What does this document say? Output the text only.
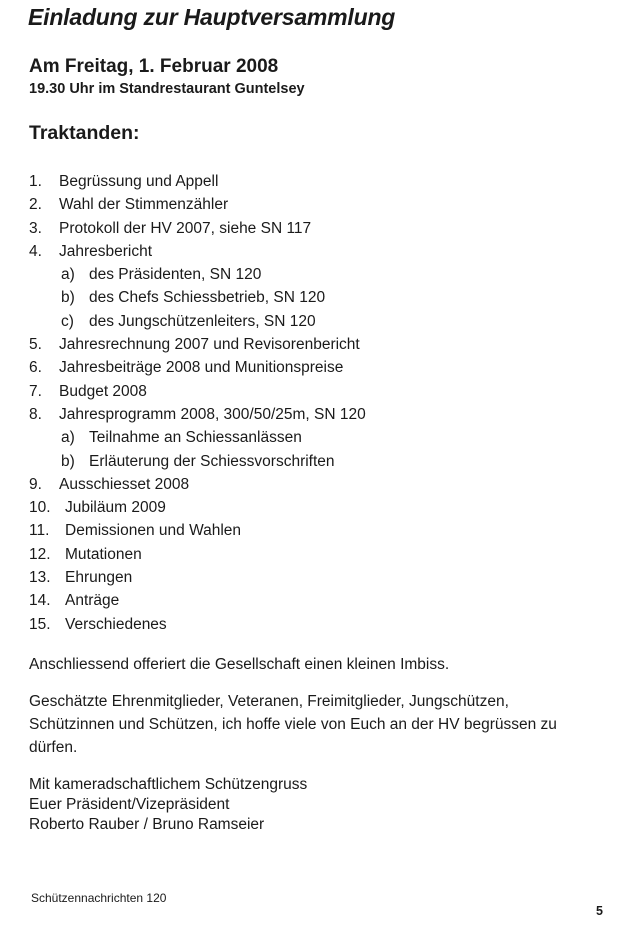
Einladung zur Hauptversammlung
Am Freitag, 1. Februar 2008
19.30 Uhr im Standrestaurant Guntelsey
Traktanden:
1. Begrüssung und Appell
2. Wahl der Stimmenzähler
3. Protokoll der HV 2007, siehe SN 117
4. Jahresbericht
a) des Präsidenten, SN 120
b) des Chefs Schiessbetrieb, SN 120
c) des Jungschützenleiters, SN 120
5. Jahresrechnung 2007 und Revisorenbericht
6. Jahresbeiträge 2008 und Munitionspreise
7. Budget 2008
8. Jahresprogramm 2008, 300/50/25m, SN 120
a) Teilnahme an Schiessanlässen
b) Erläuterung der Schiessvorschriften
9. Ausschiesset 2008
10. Jubiläum 2009
11. Demissionen und Wahlen
12. Mutationen
13. Ehrungen
14. Anträge
15. Verschiedenes

Anschliessend offeriert die Gesellschaft einen kleinen Imbiss.

Geschätzte Ehrenmitglieder, Veteranen, Freimitglieder, Jungschützen, Schützinnen und Schützen, ich hoffe viele von Euch an der HV begrüssen zu dürfen.

Mit kameradschaftlichem Schützengruss
Euer Präsident/Vizepräsident
Roberto Rauber / Bruno Ramseier

Schützennachrichten 120
5
